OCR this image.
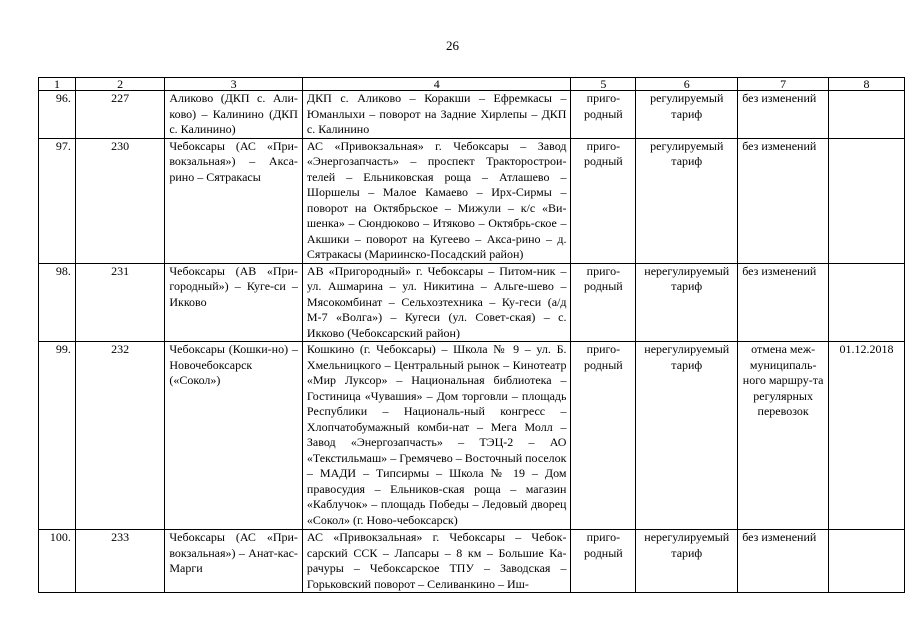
26
1	2	3	4	5	6	7	8
96.	227	Аликово (ДКП с. Али-ково) – Калинино (ДКП с. Калинино)	ДКП с. Аликово – Коракши – Ефремкасы – Юманлыхи – поворот на Задние Хирлепы – ДКП с. Калинино	приго-родный	регулируемый тариф	без изменений	
97.	230	Чебоксары (АС «При-вокзальная») – Акса-рино – Сятракасы	АС «Привокзальная» г. Чебоксары – Завод «Энергозапчасть» – проспект Тракторострои-телей – Ельниковская роща – Атлашево – Шоршелы – Малое Камаево – Ирх-Сирмы – поворот на Октябрьское – Мижули – к/с «Ви-шенка» – Сюндюково – Итяково – Октябрь-ское – Акшики – поворот на Кугеево – Акса-рино – д. Сятракасы (Мариинско-Посадский район)	приго-родный	регулируемый тариф	без изменений	
98.	231	Чебоксары (АВ «При-городный») – Куге-си – Икково	АВ «Пригородный» г. Чебоксары – Питом-ник – ул. Ашмарина – ул. Никитина – Альге-шево – Мясокомбинат – Сельхозтехника – Ку-геси (а/д М-7 «Волга») – Кугеси (ул. Совет-ская) – с. Икково (Чебоксарский район)	приго-родный	нерегулируемый тариф	без изменений	
99.	232	Чебоксары (Кошки-но) – Новочебоксарск («Сокол»)	Кошкино (г. Чебоксары) – Школа № 9 – ул. Б. Хмельницкого – Центральный рынок – Кинотеатр «Мир Луксор» – Национальная библиотека – Гостиница «Чувашия» – Дом торговли – площадь Республики – Националь-ный конгресс – Хлопчатобумажный комби-нат – Мега Молл – Завод «Энергозапчасть» – ТЭЦ-2 – АО «Текстильмаш» – Гремячево – Восточный поселок – МАДИ – Типсирмы – Школа № 19 – Дом правосудия – Ельников-ская роща – магазин «Каблучок» – площадь Победы – Ледовый дворец «Сокол» (г. Ново-чебоксарск)	приго-родный	нерегулируемый тариф	отмена меж-муниципаль-ного маршру-та регулярных перевозок	01.12.2018
100.	233	Чебоксары (АС «При-вокзальная») – Анат-кас-Марги	АС «Привокзальная» г. Чебоксары – Чебок-сарский ССК – Лапсары – 8 км – Большие Ка-рачуры – Чебоксарское ТПУ – Заводская – Горьковский поворот – Селиванкино – Иш-	приго-родный	нерегулируемый тариф	без изменений	
